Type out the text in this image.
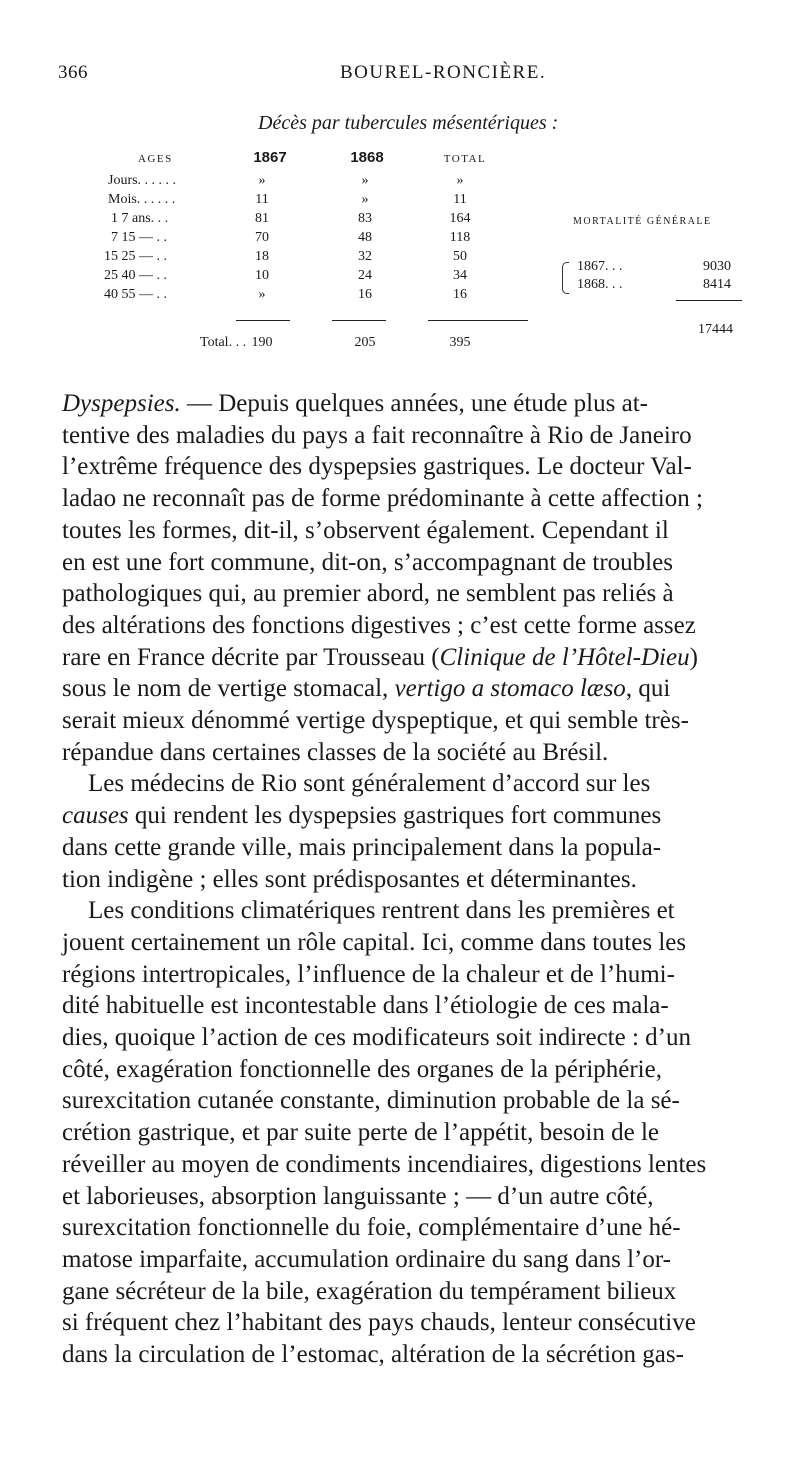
366	BOUREL-RONCIÈRE.
Décès par tubercules mésentériques :
AGES	1867	1868	TOTAL
Jours. . . . . .	»	»	»
Mois. . . . . .	11	»	11
1 7 ans. . .	81	83	164
7 15 — . .	70	48	118
15 25 — . .	18	32	50
25 40 — . .	10	24	34
40 55 — . .	»	16	16
Total. . . 190	205	395
MORTALITÉ GÉNÉRALE
1867. . .	9030
1868. . .	8414
17444

Dyspepsies. — Depuis quelques années, une étude plus at-
tentive des maladies du pays a fait reconnaître à Rio de Janeiro
l’extrême fréquence des dyspepsies gastriques. Le docteur Val-
ladao ne reconnaît pas de forme prédominante à cette affection ;
toutes les formes, dit-il, s’observent également. Cependant il
en est une fort commune, dit-on, s’accompagnant de troubles
pathologiques qui, au premier abord, ne semblent pas reliés à
des altérations des fonctions digestives ; c’est cette forme assez
rare en France décrite par Trousseau (Clinique de l’Hôtel-Dieu)
sous le nom de vertige stomacal, vertigo a stomaco læso, qui
serait mieux dénommé vertige dyspeptique, et qui semble très-
répandue dans certaines classes de la société au Brésil.

Les médecins de Rio sont généralement d’accord sur les
causes qui rendent les dyspepsies gastriques fort communes
dans cette grande ville, mais principalement dans la popula-
tion indigène ; elles sont prédisposantes et déterminantes.

Les conditions climatériques rentrent dans les premières et
jouent certainement un rôle capital. Ici, comme dans toutes les
régions intertropicales, l’influence de la chaleur et de l’humi-
dité habituelle est incontestable dans l’étiologie de ces mala-
dies, quoique l’action de ces modificateurs soit indirecte : d’un
côté, exagération fonctionnelle des organes de la périphérie,
surexcitation cutanée constante, diminution probable de la sé-
crétion gastrique, et par suite perte de l’appétit, besoin de le
réveiller au moyen de condiments incendiaires, digestions lentes
et laborieuses, absorption languissante ; — d’un autre côté,
surexcitation fonctionnelle du foie, complémentaire d’une hé-
matose imparfaite, accumulation ordinaire du sang dans l’or-
gane sécréteur de la bile, exagération du tempérament bilieux
si fréquent chez l’habitant des pays chauds, lenteur consécutive
dans la circulation de l’estomac, altération de la sécrétion gas-
